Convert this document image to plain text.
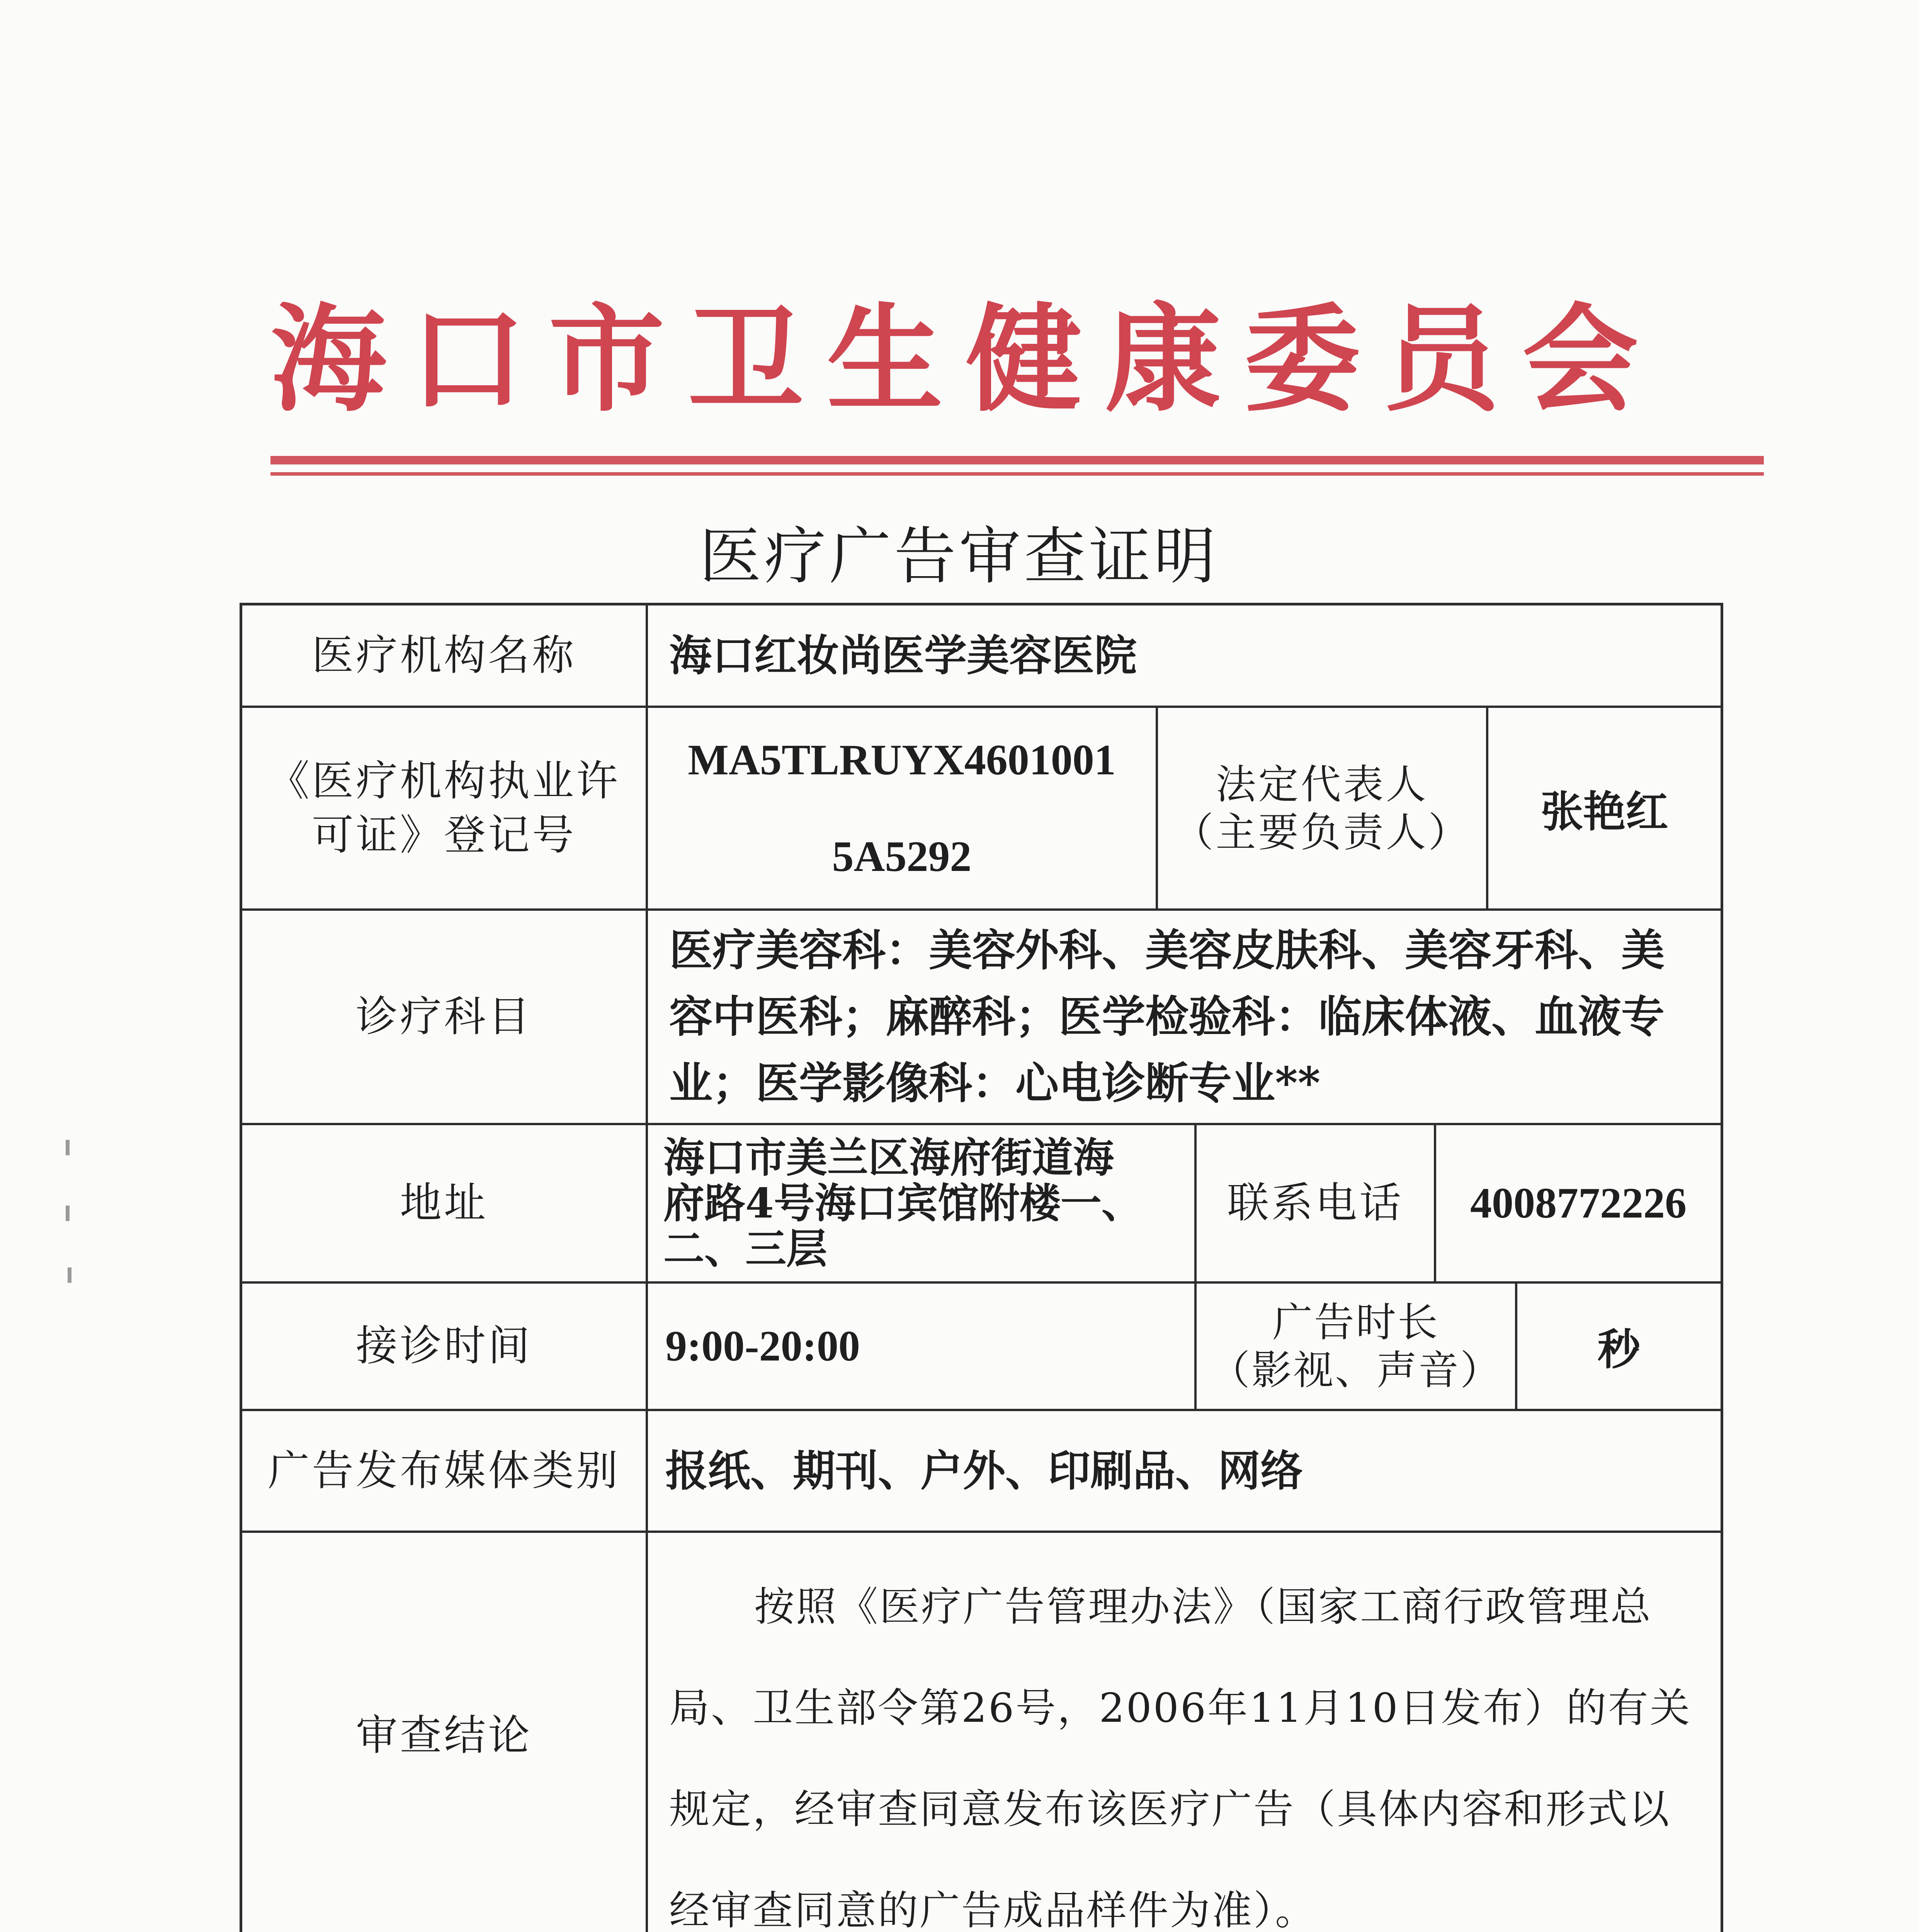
海口市卫生健康委员会
医疗广告审查证明
医疗机构名称 海口红妆尚医学美容医院
《医疗机构执业许
可证》登记号
MA5TLRUYX4601001
5A5292
法定代表人
（主要负责人） 张艳红
诊疗科目
医疗美容科：美容外科、美容皮肤科、美容牙科、美
容中医科；麻醉科；医学检验科：临床体液、血液专
业；医学影像科：心电诊断专业**
地址
海口市美兰区海府街道海
府路4号海口宾馆附楼一、
二、三层
联系电话 4008772226
接诊时间	9:00-20:00	广告时长
（影视、声音） 秒
广告发布媒体类别 报纸、期刊、户外、印刷品、网络
审查结论
按照《医疗广告管理办法》（国家工商行政管理总局、卫生部令第26号，2006年11月10日发布）的有关规定，经审查同意发布该医疗广告（具体内容和形式以经审查同意的广告成品样件为准）。
